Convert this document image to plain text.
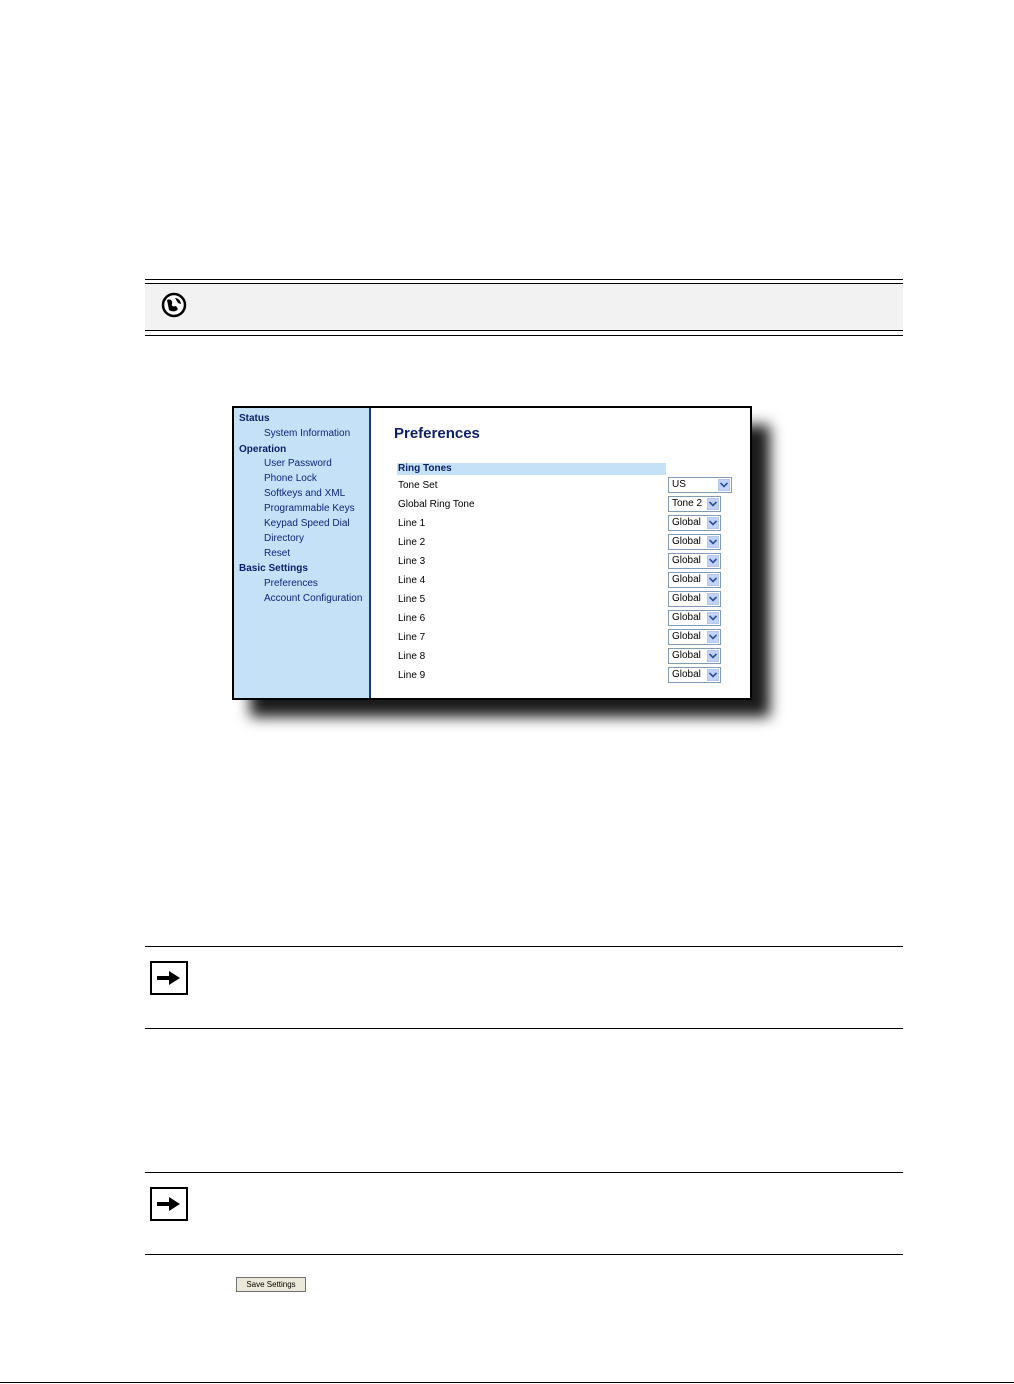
Status
System Information
Operation
User Password
Phone Lock
Softkeys and XML
Programmable Keys
Keypad Speed Dial
Directory
Reset
Basic Settings
Preferences
Account Configuration
Preferences
Ring Tones
Tone Set	US
Global Ring Tone	Tone 2
Line 1	Global
Line 2	Global
Line 3	Global
Line 4	Global
Line 5	Global
Line 6	Global
Line 7	Global
Line 8	Global
Line 9	Global
Save Settings
